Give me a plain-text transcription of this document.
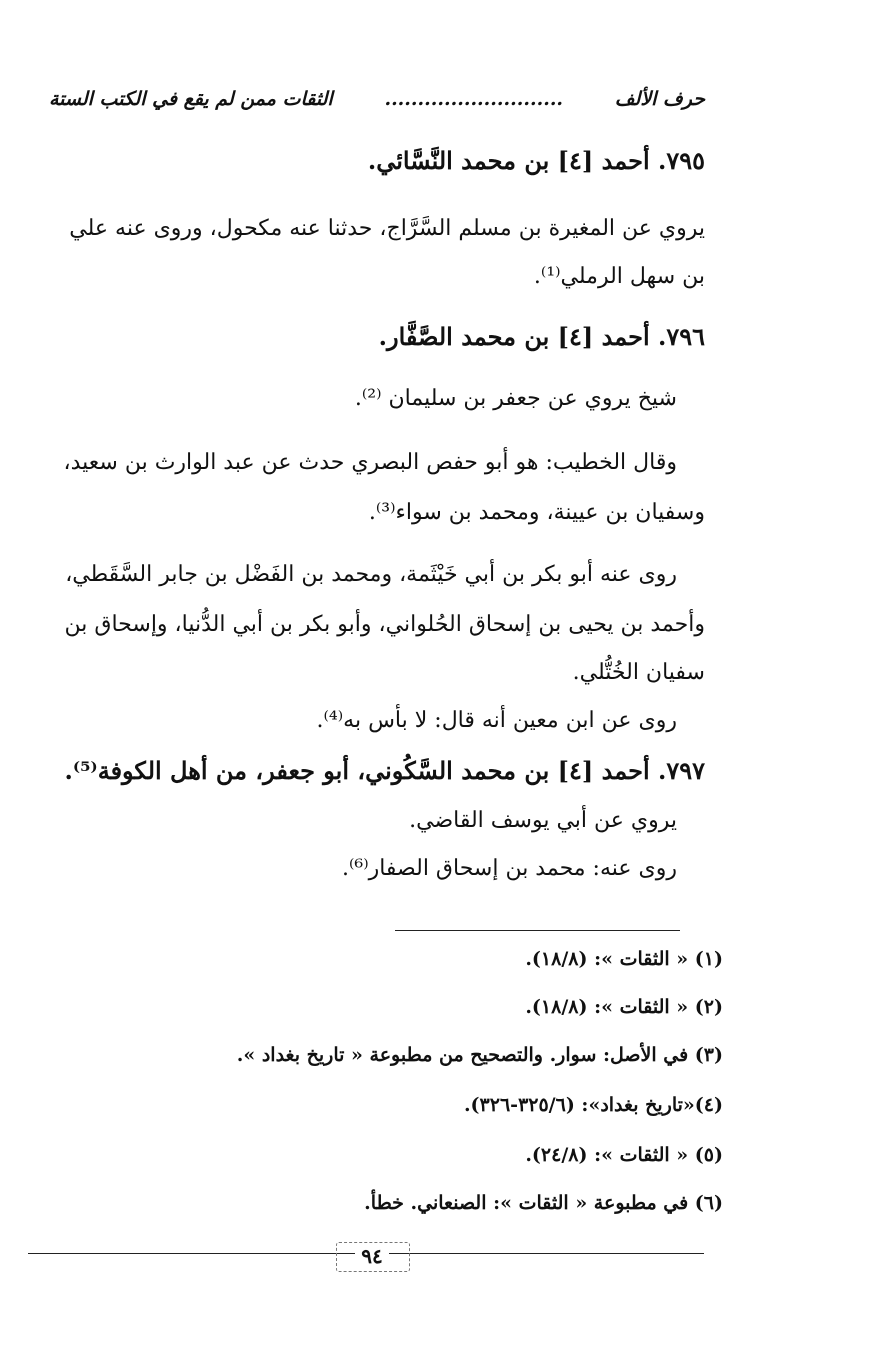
حرف الألف
...........................
الثقات ممن لم يقع في الكتب الستة
٧٩٥. أحمد [٤] بن محمد النَّسَّائي.
يروي عن المغيرة بن مسلم السَّرَّاج، حدثنا عنه مكحول، وروى عنه علي
بن سهل الرملي⁽¹⁾.
٧٩٦. أحمد [٤] بن محمد الصَّفَّار.
شيخ يروي عن جعفر بن سليمان ⁽²⁾.
وقال الخطيب: هو أبو حفص البصري حدث عن عبد الوارث بن سعيد،
وسفيان بن عيينة، ومحمد بن سواء⁽³⁾.
روى عنه أبو بكر بن أبي خَيْثَمة، ومحمد بن الفَضْل بن جابر السَّقَطي،
وأحمد بن يحيى بن إسحاق الحُلواني، وأبو بكر بن أبي الدُّنيا، وإسحاق بن
سفيان الخُتُّلي.
روى عن ابن معين أنه قال: لا بأس به⁽⁴⁾.
٧٩٧. أحمد [٤] بن محمد السَّكُوني، أبو جعفر، من أهل الكوفة⁽⁵⁾.
يروي عن أبي يوسف القاضي.
روى عنه: محمد بن إسحاق الصفار⁽⁶⁾.
(١) « الثقات »: (١٨/٨).
(٢) « الثقات »: (١٨/٨).
(٣) في الأصل: سوار. والتصحيح من مطبوعة « تاريخ بغداد ».
(٤)«تاريخ بغداد»: (٣٢٥/٦-٣٢٦).
(٥) « الثقات »: (٢٤/٨).
(٦) في مطبوعة « الثقات »: الصنعاني. خطأ.
٩٤
